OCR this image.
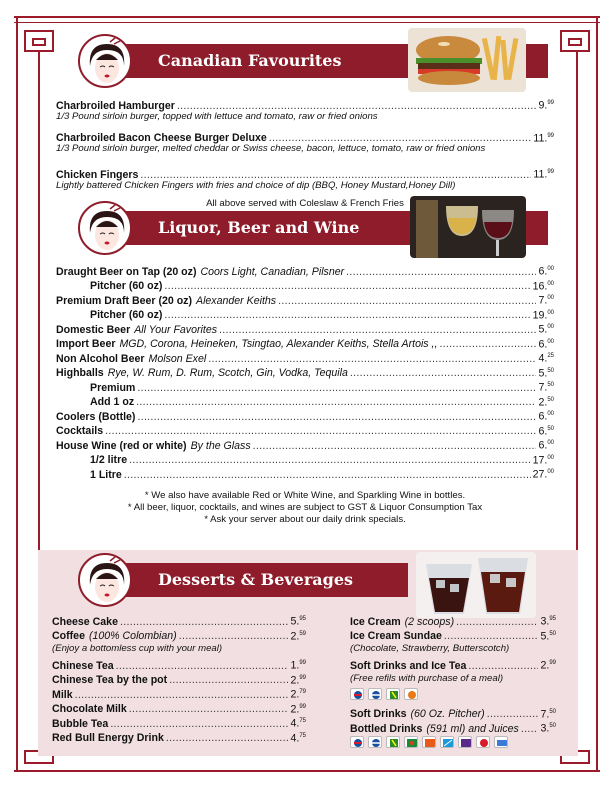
Canadian Favourites
Charbroiled Hamburger .....	9.99
1/3 Pound sirloin burger, topped with lettuce and tomato, raw or fried onions
Charbroiled Bacon Cheese Burger Deluxe .....	11.99
1/3 Pound sirloin burger, melted cheddar or Swiss cheese, bacon, lettuce, tomato, raw or fried onions
Chicken Fingers .....	11.99
Lightly battered Chicken Fingers with fries and choice of dip (BBQ, Honey Mustard,Honey Dill)
All above served with Coleslaw & French Fries
Liquor, Beer and Wine
Draught Beer on Tap (20 oz) Coors Light, Canadian, Pilsner .....	6.00
Pitcher (60 oz) .....	16.00
Premium Draft Beer (20 oz) Alexander Keiths .....	7.00
Pitcher (60 oz) .....	19.00
Domestic Beer All Your Favorites .....	5.00
Import Beer MGD, Corona, Heineken, Tsingtao, Alexander Keiths, Stella Artois ,, .....	6.00
Non Alcohol Beer Molson Exel .....	4.25
Highballs Rye, W. Rum, D. Rum, Scotch, Gin, Vodka, Tequila .....	5.50
Premium .....	7.50
Add 1 oz .....	2.50
Coolers (Bottle) .....	6.00
Cocktails .....	6.50
House Wine (red or white) By the Glass .....	6.00
1/2 litre .....	17.00
1 Litre .....	27.00
* We also have available Red or White Wine, and Sparkling Wine in bottles.
* All beer, liquor, cocktails, and wines are subject to GST & Liquor Consumption Tax
* Ask your server about our daily drink specials.
Desserts & Beverages
Cheese Cake .....	5.95
Coffee (100% Colombian) .....	2.59
(Enjoy a bottomless cup with your meal)
Chinese Tea .....	1.99
Chinese Tea by the pot .....	2.99
Milk .....	2.79
Chocolate Milk .....	2.99
Bubble Tea .....	4.75
Red Bull Energy Drink .....	4.75
Ice Cream (2 scoops) .....	3.95
Ice Cream Sundae .....	5.50
(Chocolate, Strawberry, Butterscotch)
Soft Drinks and Ice Tea .....	2.99
(Free refils with purchase of a meal)
Soft Drinks (60 Oz. Pitcher) .....	7.50
Bottled Drinks (591 ml) and Juices ..... 3.50
